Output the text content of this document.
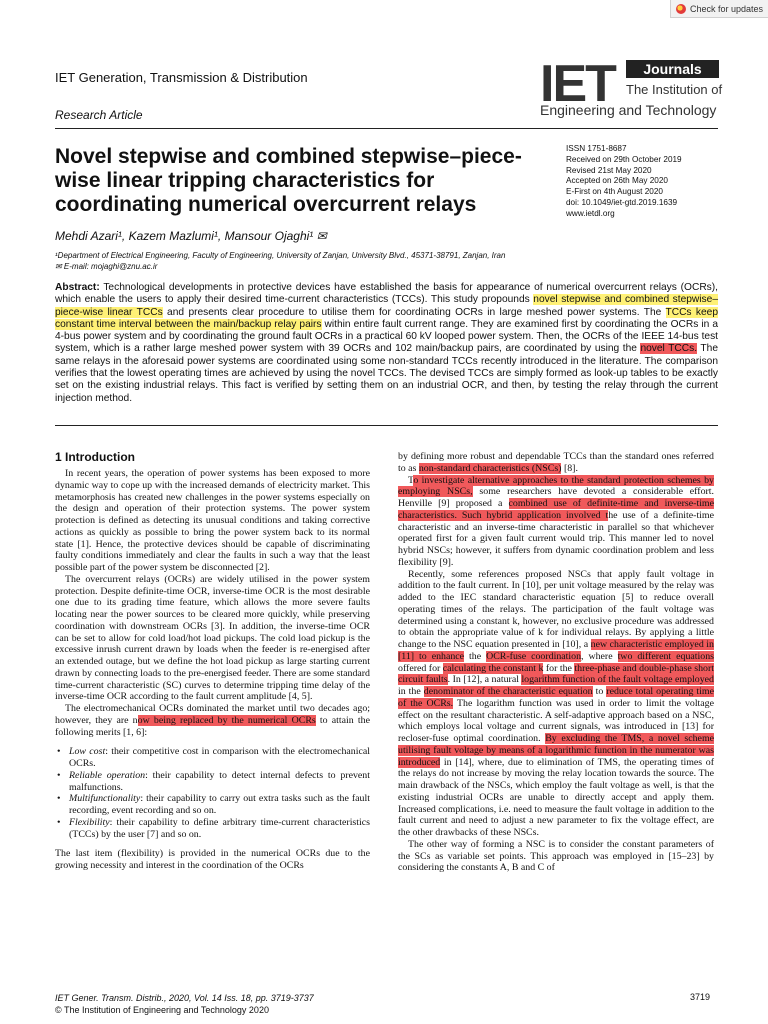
Check for updates
IET Generation, Transmission & Distribution
Research Article
IET	Journals
The Institution of
Engineering and Technology
Novel stepwise and combined stepwise–piece-wise linear tripping characteristics for coordinating numerical overcurrent relays
ISSN 1751-8687
Received on 29th October 2019
Revised 21st May 2020
Accepted on 26th May 2020
E-First on 4th August 2020
doi: 10.1049/iet-gtd.2019.1639
www.ietdl.org
Mehdi Azari¹, Kazem Mazlumi¹, Mansour Ojaghi¹ ✉
¹Department of Electrical Engineering, Faculty of Engineering, University of Zanjan, University Blvd., 45371-38791, Zanjan, Iran
✉ E-mail: mojaghi@znu.ac.ir
Abstract: Technological developments in protective devices have established the basis for appearance of numerical overcurrent relays (OCRs), which enable the users to apply their desired time-current characteristics (TCCs). This study propounds novel stepwise and combined stepwise–piece-wise linear TCCs and presents clear procedure to utilise them for coordinating OCRs in large meshed power systems. The TCCs keep constant time interval between the main/backup relay pairs within entire fault current range. They are examined first by coordinating the OCRs in a 4-bus power system and by coordinating the ground fault OCRs in a practical 60 kV looped power system. Then, the OCRs of the IEEE 14-bus test system, which is a rather large meshed power system with 39 OCRs and 102 main/backup pairs, are coordinated by using the novel TCCs. The same relays in the aforesaid power systems are coordinated using some non-standard TCCs recently introduced in the literature. The comparison verifies that the lowest operating times are achieved by using the novel TCCs. The devised TCCs are simply formed as look-up tables to be exactly set on the existing industrial relays. This fact is verified by setting them on an industrial OCR, and then, by testing the relay through the current injection method.
1 Introduction

In recent years, the operation of power systems has been exposed to more dynamic way to cope up with the increased demands of electricity market. This metamorphosis has created new challenges in the power systems especially on the design and operation of their protection systems. The power system protection is defined as detecting its unusual conditions and taking corrective actions as quickly as possible to bring the power system back to its normal state [1]. Hence, the protective devices should be capable of discriminating faulty conditions immediately and clear the faults in such a way that the least possible part of the power system be disconnected [2].

The overcurrent relays (OCRs) are widely utilised in the power system protection. Despite definite-time OCR, inverse-time OCR is the most desirable one due to its grading time feature, which allows the more severe faults locating near the power sources to be cleared more quickly, while preserving coordination with downstream OCRs [3]. In addition, the inverse-time OCR can be set to allow for cold load/hot load pickups. The cold load pickup is the excessive inrush current drawn by loads when the feeder is re-energised after an extended outage, but we define the hot load pickup as large starting current drawn by connecting loads to the pre-energised feeder. There are some standard time-current characteristic (SC) curves to determine tripping time delay of the inverse-time OCR according to the fault current amplitude [4, 5].

The electromechanical OCRs dominated the market until two decades ago; however, they are now being replaced by the numerical OCRs to attain the following merits [1, 6]:

• Low cost: their competitive cost in comparison with the electromechanical OCRs.
• Reliable operation: their capability to detect internal defects to prevent malfunctions.
• Multifunctionality: their capability to carry out extra tasks such as the fault recording, event recording and so on.
• Flexibility: their capability to define arbitrary time-current characteristics (TCCs) by the user [7] and so on.

The last item (flexibility) is provided in the numerical OCRs due to the growing necessity and interest in the coordination of the OCRs

by defining more robust and dependable TCCs than the standard ones referred to as non-standard characteristics (NSCs) [8].

To investigate alternative approaches to the standard protection schemes by employing NSCs, some researchers have devoted a considerable effort. Henville [9] proposed a combined use of definite-time and inverse-time characteristics. Such hybrid application involved the use of a definite-time characteristic and an inverse-time characteristic in parallel so that whichever operated first for a given fault current would trip. This manner led to novel hybrid NSCs; however, it suffers from dynamic coordination problem and less flexibility [9].

Recently, some references proposed NSCs that apply fault voltage in addition to the fault current. In [10], per unit voltage measured by the relay was added to the IEC standard characteristic equation [5] to reduce overall operating times of the relays. The participation of the fault voltage was determined using a constant k, however, no exclusive procedure was addressed to obtain the appropriate value of k for individual relays. By applying a little change to the NSC equation presented in [10], a new characteristic employed in [11] to enhance the OCR-fuse coordination, where two different equations offered for calculating the constant k for the three-phase and double-phase short circuit faults. In [12], a natural logarithm function of the fault voltage employed in the denominator of the characteristic equation to reduce total operating time of the OCRs. The logarithm function was used in order to limit the voltage effect on the resultant characteristic. A self-adaptive approach based on a NSC, which employs local voltage and current signals, was introduced in [13] for recloser-fuse optimal coordination. By excluding the TMS, a novel scheme utilising fault voltage by means of a logarithmic function in the numerator was introduced in [14], where, due to elimination of TMS, the operating times of the relays do not increase by moving the relay location towards the source. The main drawback of the NSCs, which employ the fault voltage as well, is that the existing industrial OCRs are unable to directly accept and apply them. Increased complications, i.e. need to measure the fault voltage in addition to the fault current and need to adjust a new parameter to fix the voltage effect, are the other drawbacks of these NSCs.

The other way of forming a NSC is to consider the constant parameters of the SCs as variable set points. This approach was employed in [15–23] by considering the constants A, B and C of

IET Gener. Transm. Distrib., 2020, Vol. 14 Iss. 18, pp. 3719-3737
© The Institution of Engineering and Technology 2020
3719
